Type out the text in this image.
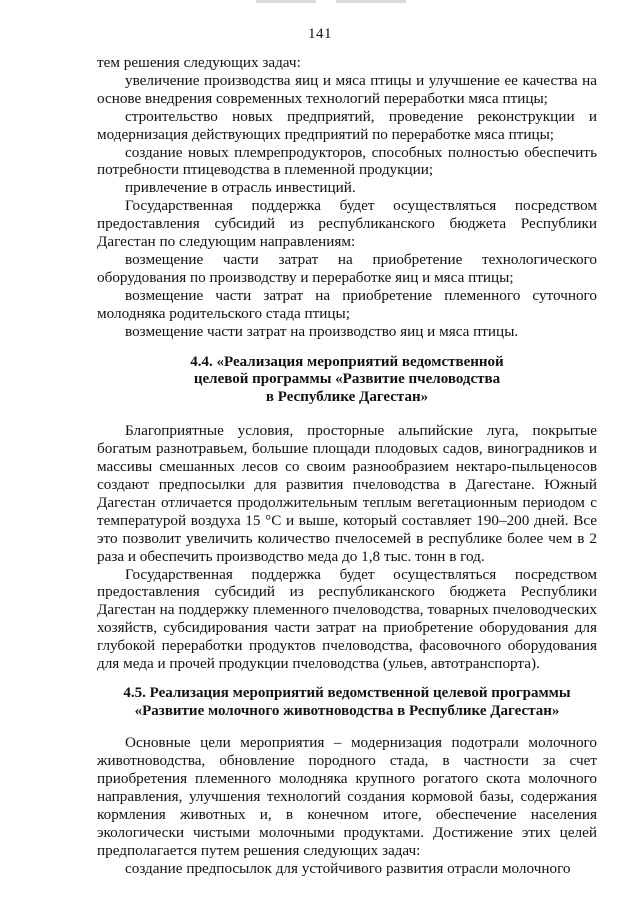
141

тем решения следующих задач:

увеличение производства яиц и мяса птицы и улучшение ее качества на основе внедрения современных технологий переработки мяса птицы;

строительство новых предприятий, проведение реконструкции и модернизация действующих предприятий по переработке мяса птицы;

создание новых племрепродукторов, способных полностью обеспечить потребности птицеводства в племенной продукции;

привлечение в отрасль инвестиций.

Государственная поддержка будет осуществляться посредством предоставления субсидий из республиканского бюджета Республики Дагестан по следующим направлениям:

возмещение части затрат на приобретение технологического оборудования по производству и переработке яиц и мяса птицы;

возмещение части затрат на приобретение племенного суточного молодняка родительского стада птицы;

возмещение части затрат на производство яиц и мяса птицы.

4.4. «Реализация мероприятий ведомственной
целевой программы «Развитие пчеловодства
в Республике Дагестан»

Благоприятные условия, просторные альпийские луга, покрытые богатым разнотравьем, большие площади плодовых садов, виноградников и массивы смешанных лесов со своим разнообразием нектаро-пыльценосов создают предпосылки для развития пчеловодства в Дагестане. Южный Дагестан отличается продолжительным теплым вегетационным периодом с температурой воздуха 15 °С и выше, который составляет 190–200 дней. Все это позволит увеличить количество пчелосемей в республике более чем в 2 раза и обеспечить производство меда до 1,8 тыс. тонн в год.

Государственная поддержка будет осуществляться посредством предоставления субсидий из республиканского бюджета Республики Дагестан на поддержку племенного пчеловодства, товарных пчеловодческих хозяйств, субсидирования части затрат на приобретение оборудования для глубокой переработки продуктов пчеловодства, фасовочного оборудования для меда и прочей продукции пчеловодства (ульев, автотранспорта).

4.5. Реализация мероприятий ведомственной целевой программы
«Развитие молочного животноводства в Республике Дагестан»

Основные цели мероприятия – модернизация подотрали молочного животноводства, обновление породного стада, в частности за счет приобретения племенного молодняка крупного рогатого скота молочного направления, улучшения технологий создания кормовой базы, содержания кормления животных и, в конечном итоге, обеспечение населения экологически чистыми молочными продуктами. Достижение этих целей предполагается путем решения следующих задач:

создание предпосылок для устойчивого развития отрасли молочного
